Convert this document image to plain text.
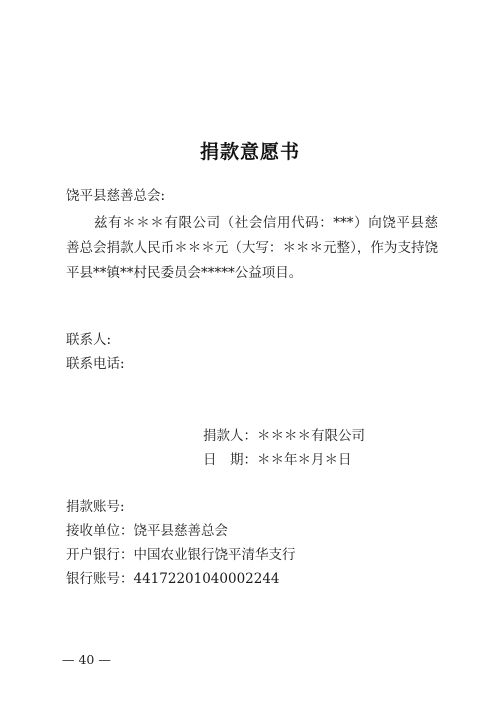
捐款意愿书
饶平县慈善总会:
兹有＊＊＊有限公司（社会信用代码：***）向饶平县慈善总会捐款人民币＊＊＊元（大写：＊＊＊元整），作为支持饶平县**镇**村民委员会*****公益项目。
联系人:
联系电话:
捐款人：＊＊＊＊有限公司
日　期：＊＊年＊月＊日
捐款账号:
接收单位：饶平县慈善总会
开户银行：中国农业银行饶平清华支行
银行账号：44172201040002244
— 40 —
